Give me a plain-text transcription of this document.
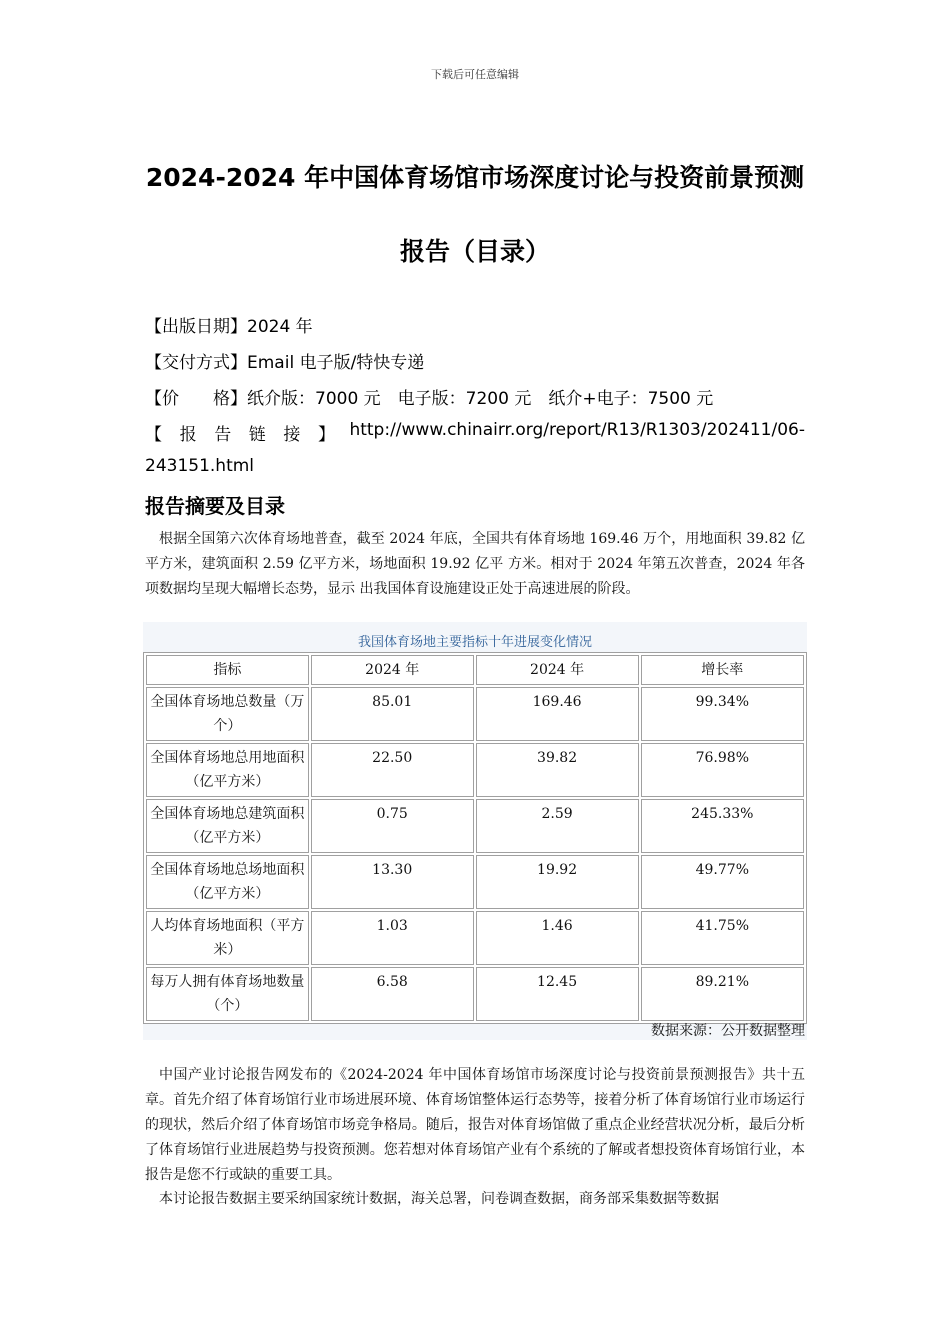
下载后可任意编辑
2024-2024 年中国体育场馆市场深度讨论与投资前景预测
报告（目录）
【出版日期】2024 年
【交付方式】Email 电子版/特快专递
【价　　格】纸介版：7000 元　电子版：7200 元　纸介+电子：7500 元
【 报 告 链 接 】 http://www.chinairr.org/report/R13/R1303/202411/06-
243151.html
报告摘要及目录
根据全国第六次体育场地普查，截至 2024 年底，全国共有体育场地 169.46 万个，用地面积 39.82 亿平方米，建筑面积 2.59 亿平方米，场地面积 19.92 亿平 方米。相对于 2024 年第五次普查，2024 年各项数据均呈现大幅增长态势，显示 出我国体育设施建设正处于高速进展的阶段。
我国体育场地主要指标十年进展变化情况
指标	2024 年	2024 年	增长率
全国体育场地总数量（万个）	85.01	169.46	99.34%
全国体育场地总用地面积（亿平方米）	22.50	39.82	76.98%
全国体育场地总建筑面积（亿平方米）	0.75	2.59	245.33%
全国体育场地总场地面积（亿平方米）	13.30	19.92	49.77%
人均体育场地面积（平方米）	1.03	1.46	41.75%
每万人拥有体育场地数量（个）	6.58	12.45	89.21%
数据来源：公开数据整理
中国产业讨论报告网发布的《2024-2024 年中国体育场馆市场深度讨论与投资前景预测报告》共十五章。首先介绍了体育场馆行业市场进展环境、体育场馆整体运行态势等，接着分析了体育场馆行业市场运行的现状，然后介绍了体育场馆市场竞争格局。随后，报告对体育场馆做了重点企业经营状况分析，最后分析了体育场馆行业进展趋势与投资预测。您若想对体育场馆产业有个系统的了解或者想投资体育场馆行业，本报告是您不行或缺的重要工具。
本讨论报告数据主要采纳国家统计数据，海关总署，问卷调查数据，商务部采集数据等数据
